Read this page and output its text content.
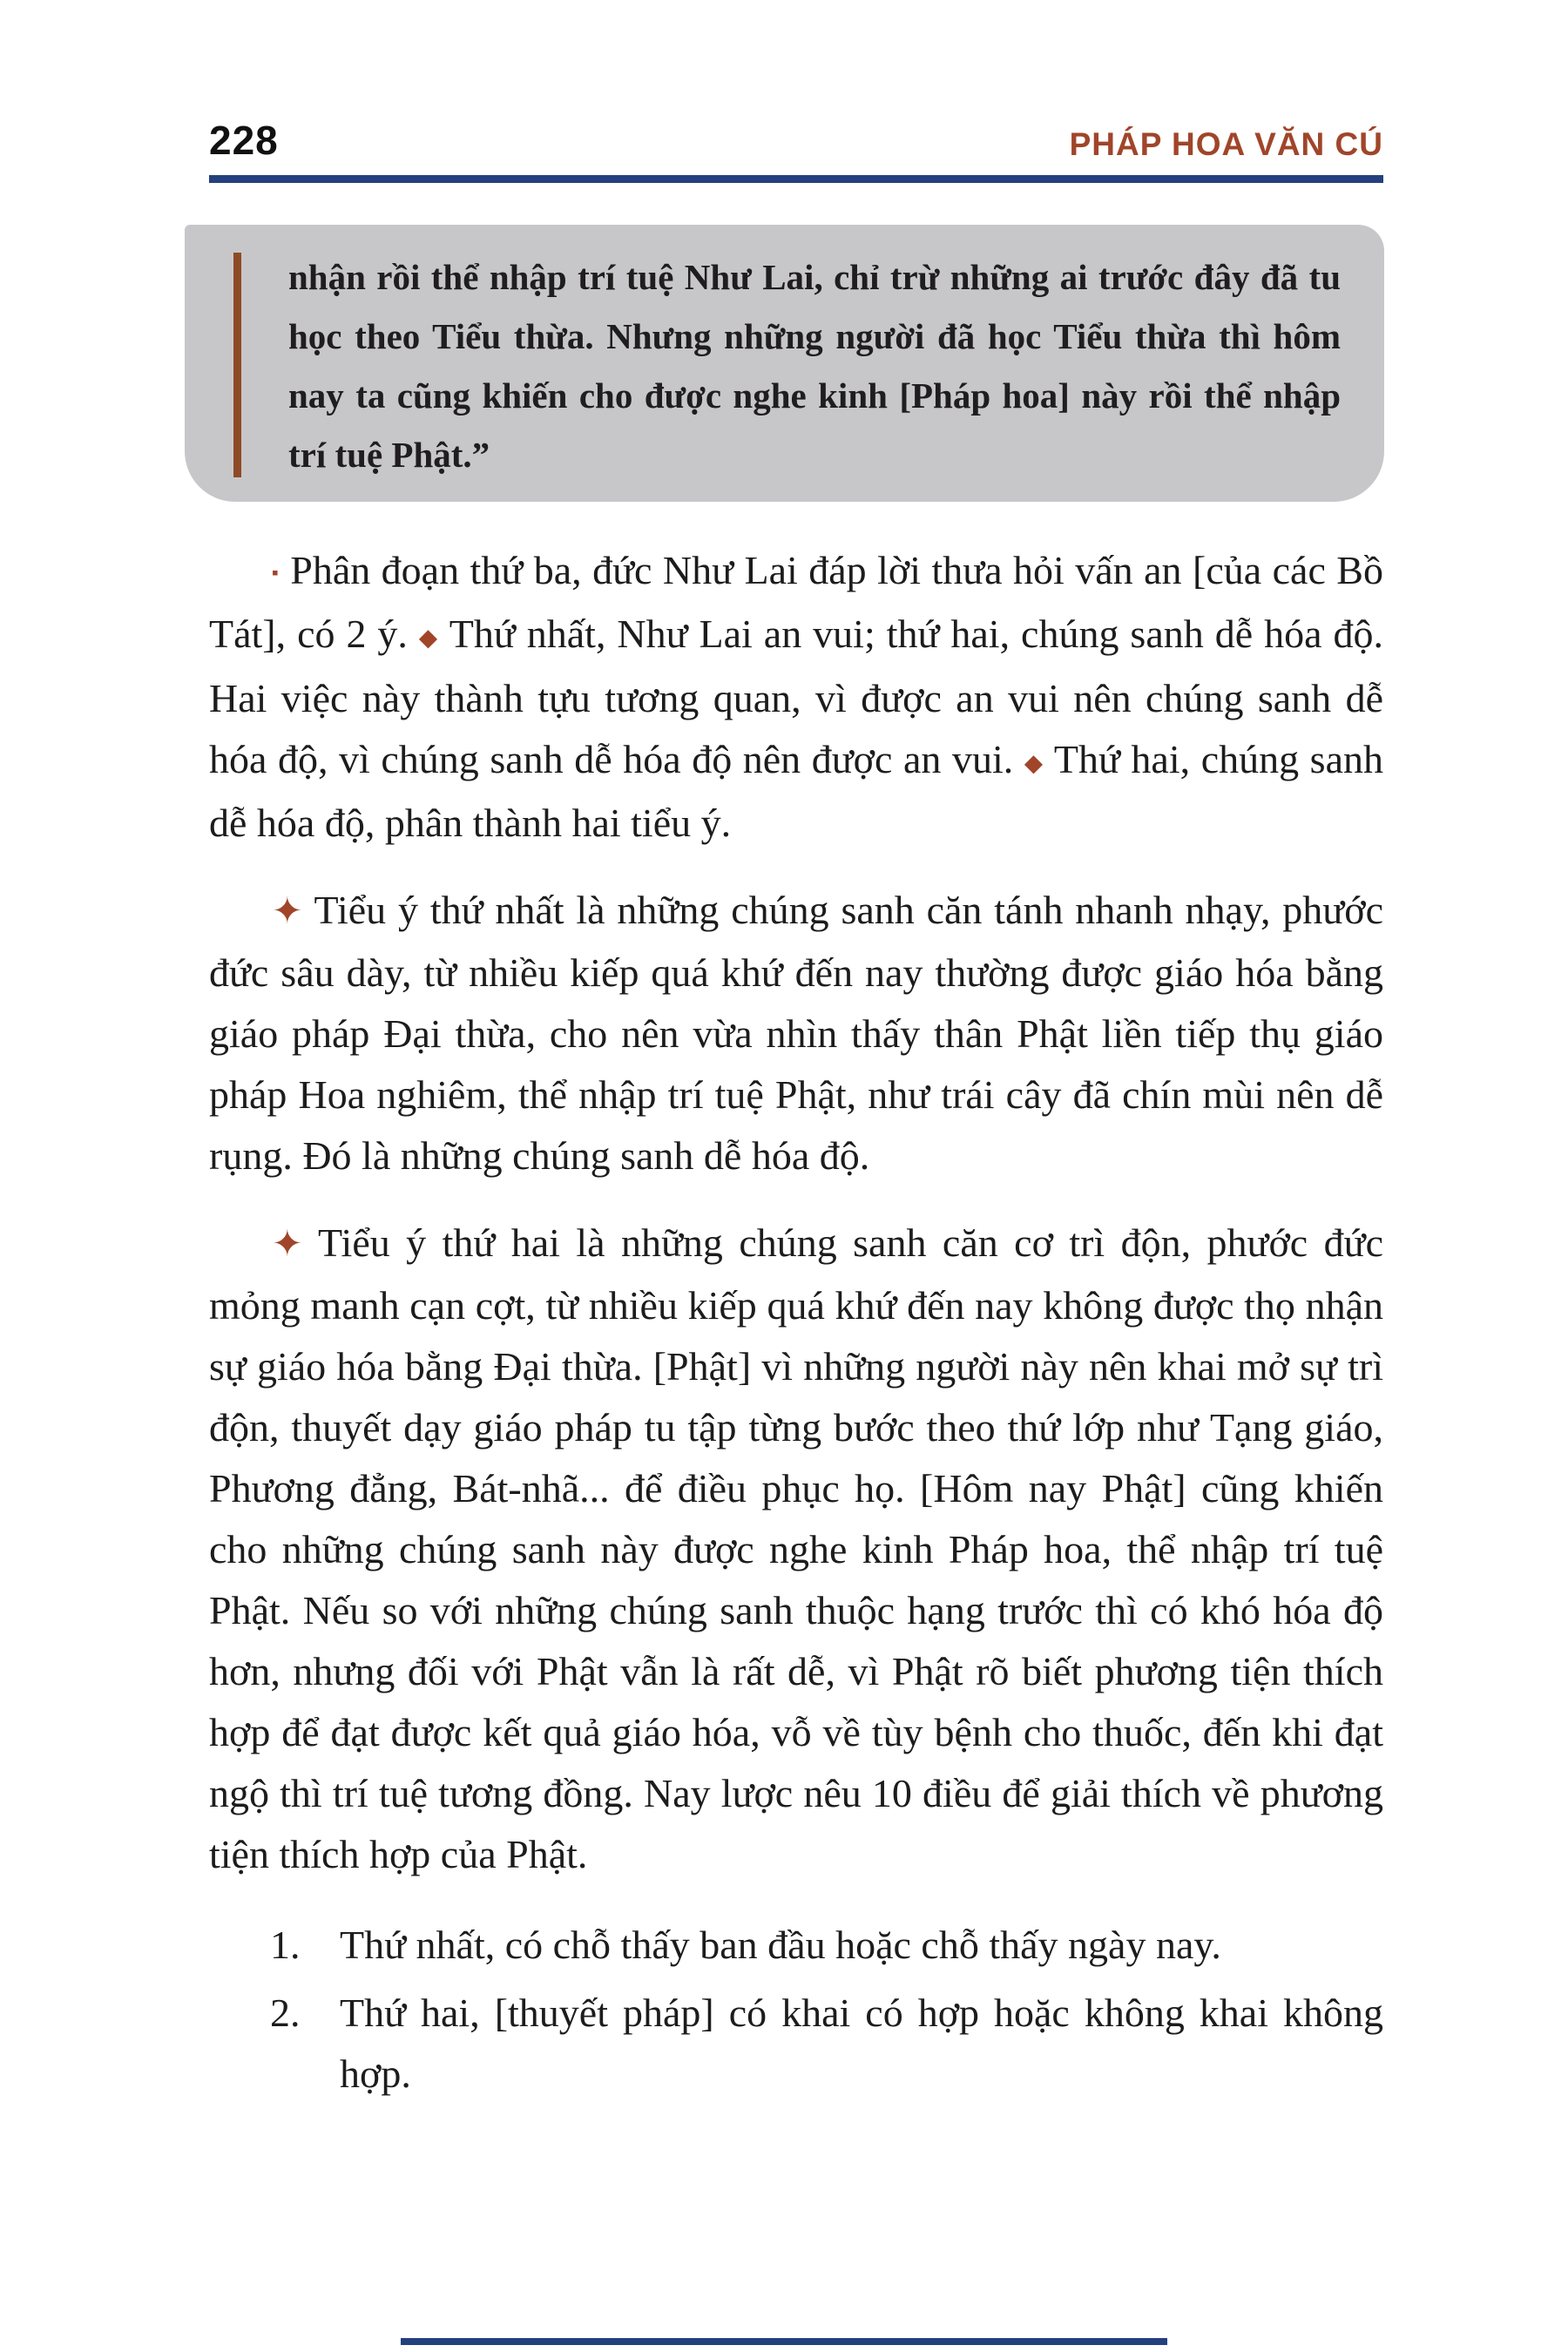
228	PHÁP HOA VĂN CÚ
nhận rồi thể nhập trí tuệ Như Lai, chỉ trừ những ai trước đây đã tu học theo Tiểu thừa. Nhưng những người đã học Tiểu thừa thì hôm nay ta cũng khiến cho được nghe kinh [Pháp hoa] này rồi thể nhập trí tuệ Phật.”

▪ Phân đoạn thứ ba, đức Như Lai đáp lời thưa hỏi vấn an [của các Bồ Tát], có 2 ý. ◆ Thứ nhất, Như Lai an vui; thứ hai, chúng sanh dễ hóa độ. Hai việc này thành tựu tương quan, vì được an vui nên chúng sanh dễ hóa độ, vì chúng sanh dễ hóa độ nên được an vui. ◆ Thứ hai, chúng sanh dễ hóa độ, phân thành hai tiểu ý.

✦ Tiểu ý thứ nhất là những chúng sanh căn tánh nhanh nhạy, phước đức sâu dày, từ nhiều kiếp quá khứ đến nay thường được giáo hóa bằng giáo pháp Đại thừa, cho nên vừa nhìn thấy thân Phật liền tiếp thụ giáo pháp Hoa nghiêm, thể nhập trí tuệ Phật, như trái cây đã chín mùi nên dễ rụng. Đó là những chúng sanh dễ hóa độ.

✦ Tiểu ý thứ hai là những chúng sanh căn cơ trì độn, phước đức mỏng manh cạn cợt, từ nhiều kiếp quá khứ đến nay không được thọ nhận sự giáo hóa bằng Đại thừa. [Phật] vì những người này nên khai mở sự trì độn, thuyết dạy giáo pháp tu tập từng bước theo thứ lớp như Tạng giáo, Phương đẳng, Bát-nhã... để điều phục họ. [Hôm nay Phật] cũng khiến cho những chúng sanh này được nghe kinh Pháp hoa, thể nhập trí tuệ Phật. Nếu so với những chúng sanh thuộc hạng trước thì có khó hóa độ hơn, nhưng đối với Phật vẫn là rất dễ, vì Phật rõ biết phương tiện thích hợp để đạt được kết quả giáo hóa, vỗ về tùy bệnh cho thuốc, đến khi đạt ngộ thì trí tuệ tương đồng. Nay lược nêu 10 điều để giải thích về phương tiện thích hợp của Phật.

1. Thứ nhất, có chỗ thấy ban đầu hoặc chỗ thấy ngày nay.
2. Thứ hai, [thuyết pháp] có khai có hợp hoặc không khai không hợp.
